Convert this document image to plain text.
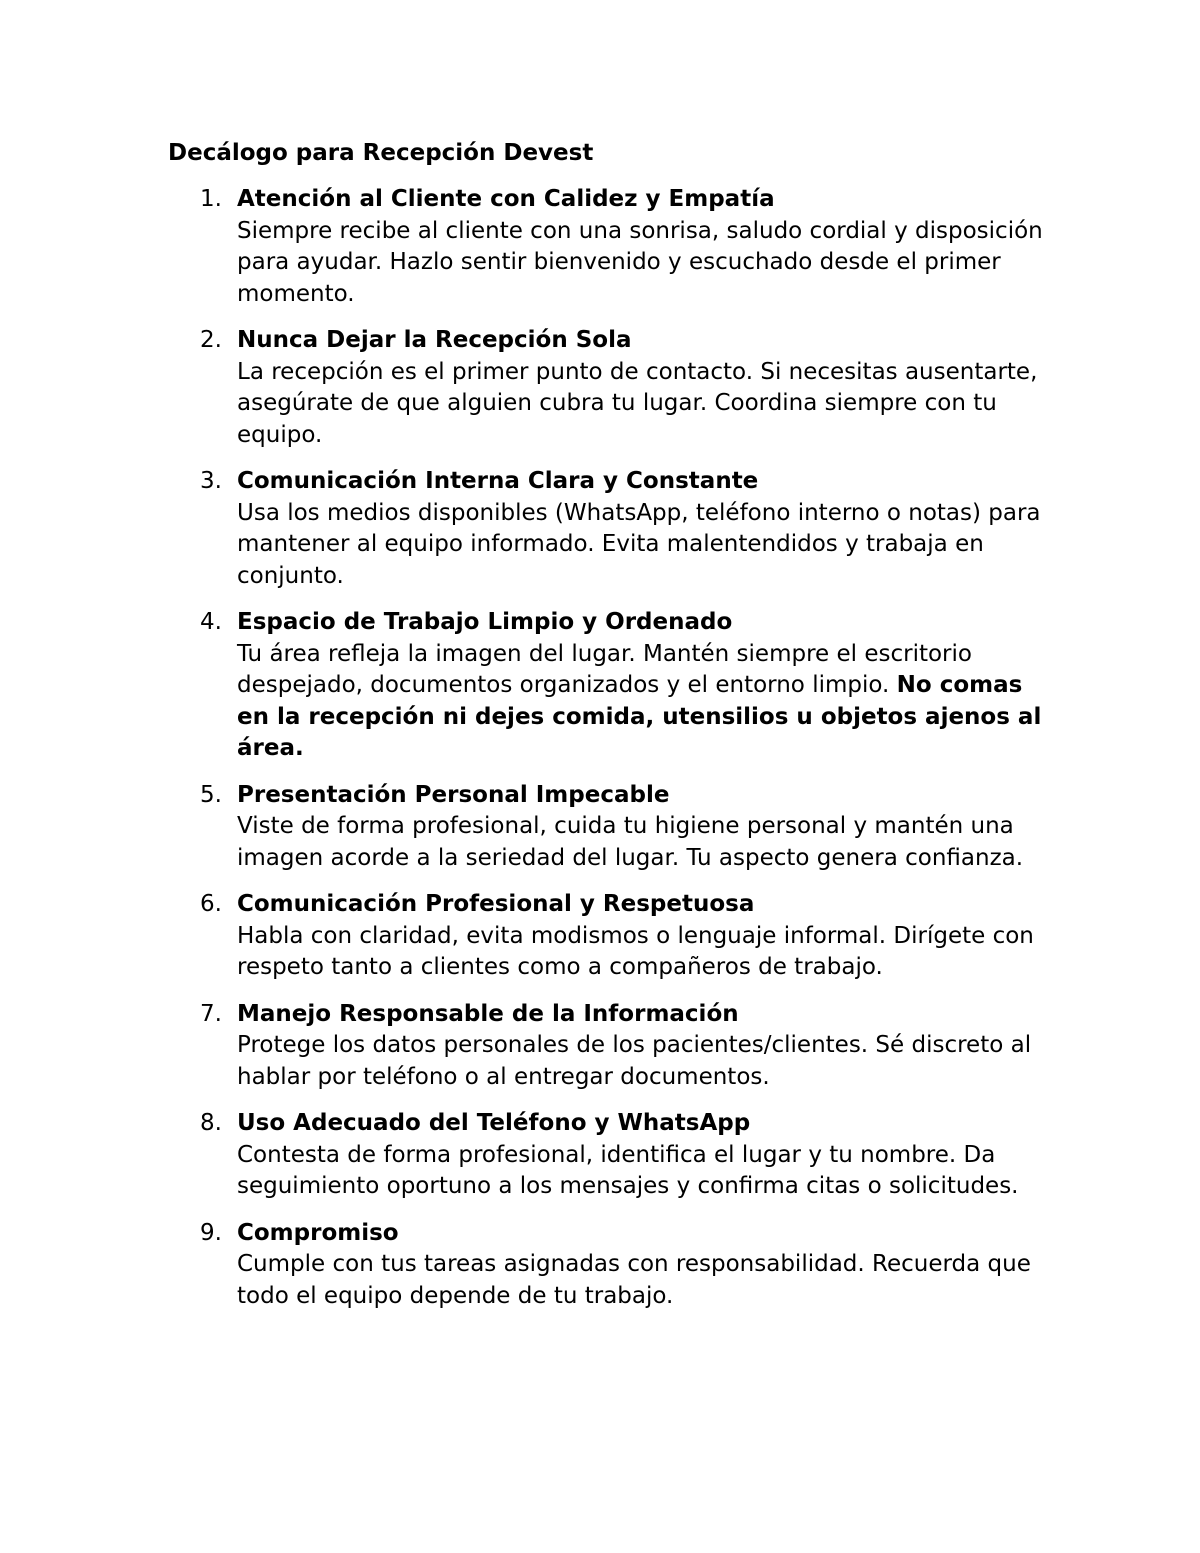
Decálogo para Recepción Devest
1. Atención al Cliente con Calidez y Empatía
Siempre recibe al cliente con una sonrisa, saludo cordial y disposición para ayudar. Hazlo sentir bienvenido y escuchado desde el primer momento.
2. Nunca Dejar la Recepción Sola
La recepción es el primer punto de contacto. Si necesitas ausentarte, asegúrate de que alguien cubra tu lugar. Coordina siempre con tu equipo.
3. Comunicación Interna Clara y Constante
Usa los medios disponibles (WhatsApp, teléfono interno o notas) para mantener al equipo informado. Evita malentendidos y trabaja en conjunto.
4. Espacio de Trabajo Limpio y Ordenado
Tu área refleja la imagen del lugar. Mantén siempre el escritorio despejado, documentos organizados y el entorno limpio. No comas en la recepción ni dejes comida, utensilios u objetos ajenos al área.
5. Presentación Personal Impecable
Viste de forma profesional, cuida tu higiene personal y mantén una imagen acorde a la seriedad del lugar. Tu aspecto genera confianza.
6. Comunicación Profesional y Respetuosa
Habla con claridad, evita modismos o lenguaje informal. Dirígete con respeto tanto a clientes como a compañeros de trabajo.
7. Manejo Responsable de la Información
Protege los datos personales de los pacientes/clientes. Sé discreto al hablar por teléfono o al entregar documentos.
8. Uso Adecuado del Teléfono y WhatsApp
Contesta de forma profesional, identifica el lugar y tu nombre. Da seguimiento oportuno a los mensajes y confirma citas o solicitudes.
9. Compromiso
Cumple con tus tareas asignadas con responsabilidad. Recuerda que todo el equipo depende de tu trabajo.
